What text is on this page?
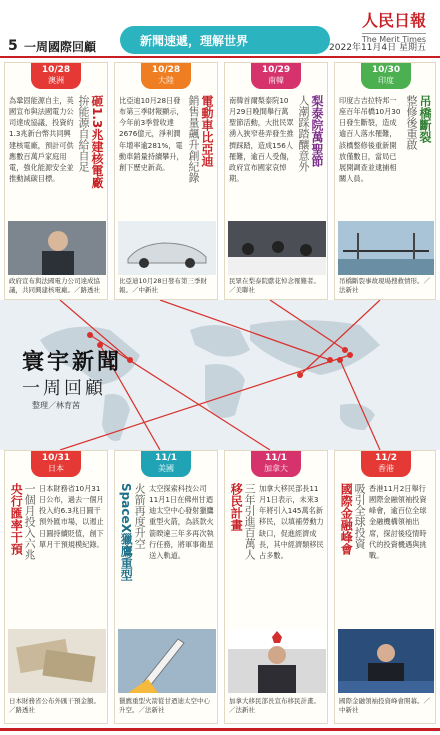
5 一周國際回顧	新聞速遞，理解世界
快樂學習	人民日報
The Merit Times
2022年11月4日 星期五
寰宇新聞
一周回顧
整理／林育茜
10/28
澳洲
砸1.3兆建核電廠
拚能源自給自足
為鞏固能源自主，英國宣布與法國電力公司達成協議，投資約1.3兆新台幣共同興建核電廠，預計可供應數百萬戶家庭用電，強化能源安全並推動減碳目標。
政府宣布與法國電力公司達成協議，共同興建核電廠。／路透社
10/28
大陸
電動車比亞迪
銷售量飆升創紀錄
比亞迪10月28日發布第三季財報顯示，今年前3季營收達2676億元，淨利潤年增率逾281%，電動車銷量持續攀升，創下歷史新高。
比亞迪10月28日發布第三季財報。／中新社
10/29
南韓
梨泰院萬聖節
人潮踩踏釀意外
南韓首爾梨泰院10月29日晚間舉行萬聖節活動，大批民眾湧入狹窄巷弄發生推擠踩踏，造成156人罹難，逾百人受傷，政府宣布國家哀悼期。
民眾在梨泰院獻花悼念罹難者。／美聯社
10/30
印度
吊橋斷裂
整修後重啟
印度古吉拉特邦一座百年吊橋10月30日發生斷裂，造成逾百人落水罹難，該橋整修後重新開放僅數日，當局已展開調查並逮捕相關人員。
吊橋斷裂事故現場搜救情形。／法新社
10/31
日本
央行匯率干預 一個月投入六兆 日本財務省10月31日公布，過去一個月投入約6.3兆日圓干預外匯市場，以遏止日圓持續貶值，創下單月干預規模紀錄。
日本財務省公布外匯干預金額。／路透社
11/1
美國
SpaceX獵鷹重型 火箭再度升空 太空探索科技公司11月1日在佛州甘迺迪太空中心發射獵鷹重型火箭，為該款火箭睽違三年多再次執行任務，將軍事衛星送入軌道。
獵鷹重型火箭從甘迺迪太空中心升空。／法新社
11/1
加拿大
移民計畫 三年引進百萬人 加拿大移民部長11月1日表示，未來3年將引入145萬名新移民，以填補勞動力缺口，促進經濟成長，其中經濟類移民占多數。
加拿大移民部長宣布移民計畫。／法新社
11/2
香港
國際金融峰會 吸引全球投資 香港11月2日舉行國際金融領袖投資峰會，逾百位全球金融機構領袖出席，探討後疫情時代的投資機遇與挑戰。
國際金融領袖投資峰會開幕。／中新社
